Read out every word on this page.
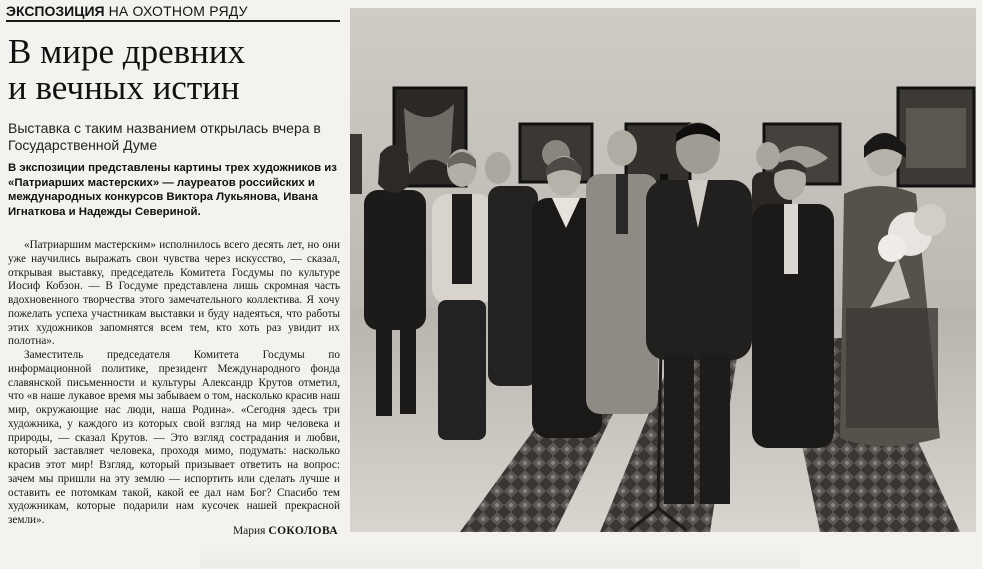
ЭКСПОЗИЦИЯ НА ОХОТНОМ РЯДУ
В мире древних
и вечных истин
Выставка с таким названием открылась вчера в Государственной Думе
В экспозиции представлены картины трех художников из «Патриарших мастерских» — лауреатов российских и международных конкурсов Виктора Лукьянова, Ивана Игнаткова и Надежды Севериной.

«Патриаршим мастерским» исполнилось всего десять лет, но они уже научились выражать свои чувства через искусство, — сказал, открывая выставку, председатель Комитета Госдумы по культуре Иосиф Кобзон. — В Госдуме представлена лишь скромная часть вдохновенного творчества этого замечательного коллектива. Я хочу пожелать успеха участникам выставки и буду надеяться, что работы этих художников запомнятся всем тем, кто хоть раз увидит их полотна».

Заместитель председателя Комитета Госдумы по информационной политике, президент Международного фонда славянской письменности и культуры Александр Крутов отметил, что «в наше лукавое время мы забываем о том, насколько красив наш мир, окружающие нас люди, наша Родина». «Сегодня здесь три художника, у каждого из которых свой взгляд на мир человека и природы, — сказал Крутов. — Это взгляд сострадания и любви, который заставляет человека, проходя мимо, подумать: насколько красив этот мир! Взгляд, который призывает ответить на вопрос: зачем мы пришли на эту землю — испортить или сделать лучше и оставить ее потомкам такой, какой ее дал нам Бог? Спасибо тем художникам, которые подарили нам кусочек нашей прекрасной земли».

Мария СОКОЛОВА
